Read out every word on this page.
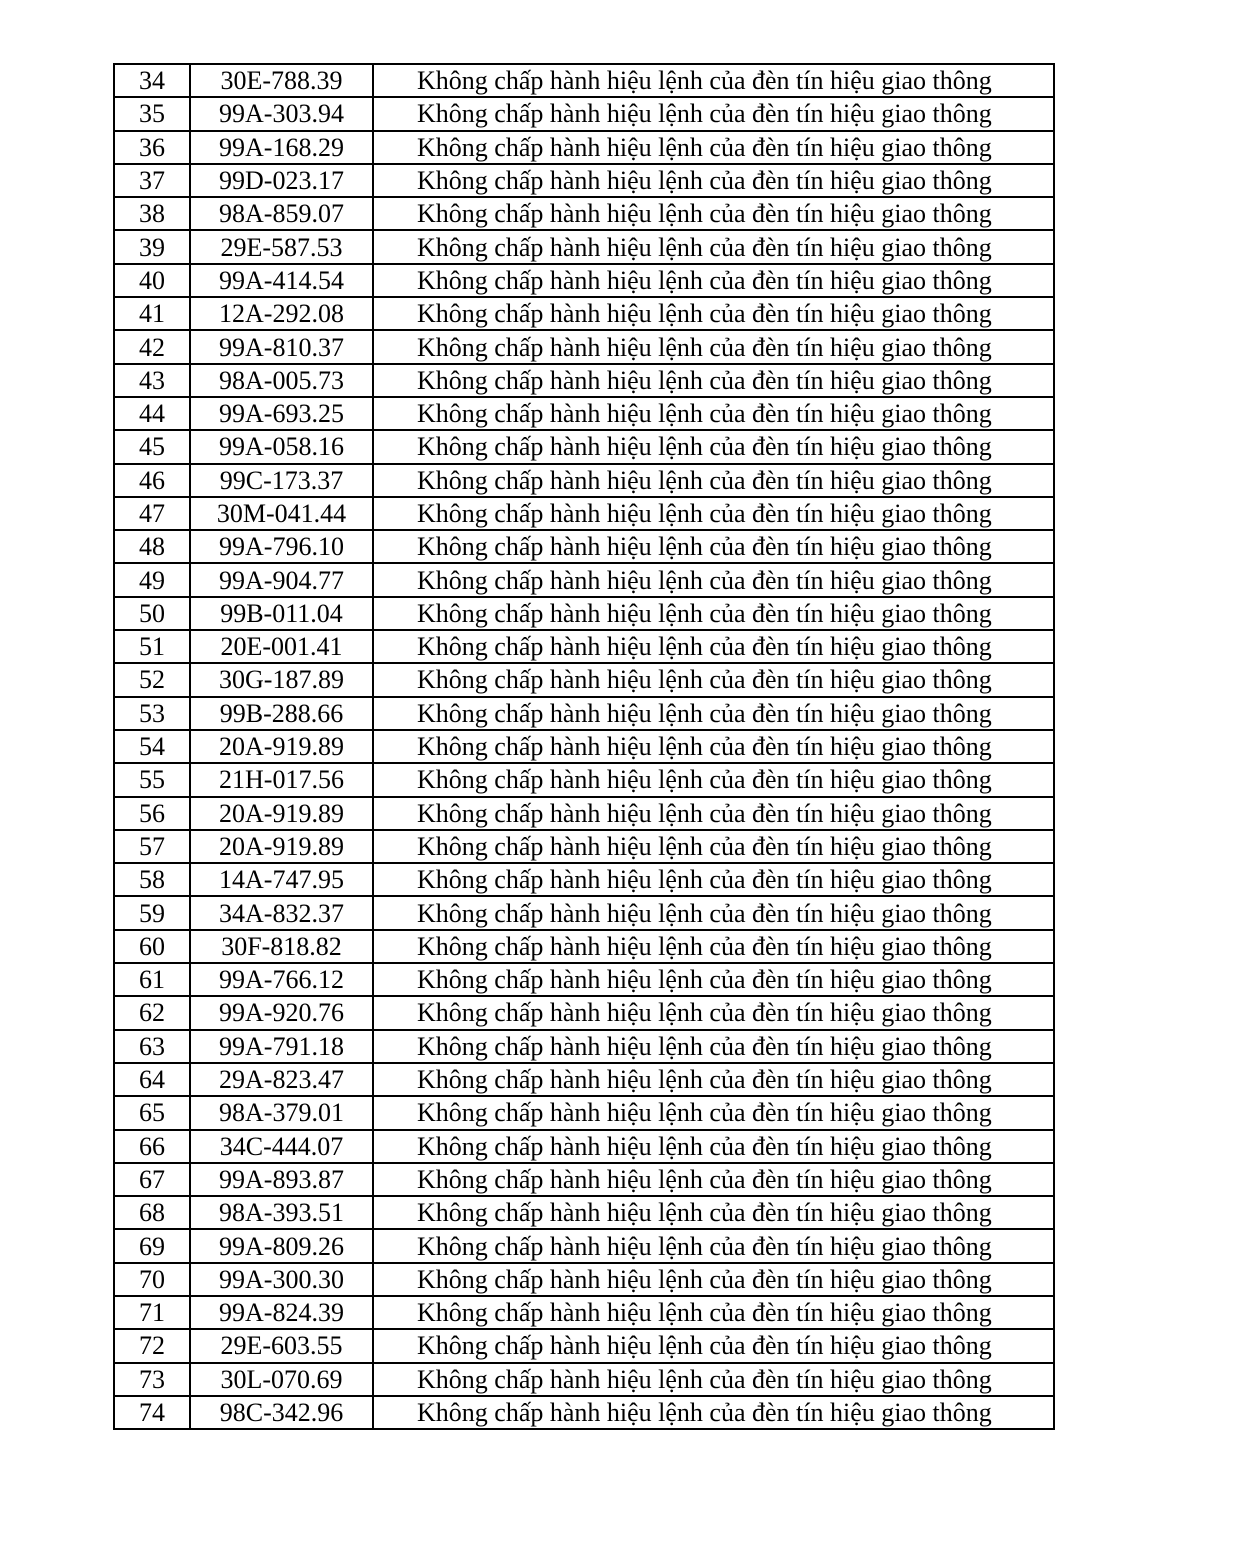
34	30E-788.39	Không chấp hành hiệu lệnh của đèn tín hiệu giao thông
35	99A-303.94	Không chấp hành hiệu lệnh của đèn tín hiệu giao thông
36	99A-168.29	Không chấp hành hiệu lệnh của đèn tín hiệu giao thông
37	99D-023.17	Không chấp hành hiệu lệnh của đèn tín hiệu giao thông
38	98A-859.07	Không chấp hành hiệu lệnh của đèn tín hiệu giao thông
39	29E-587.53	Không chấp hành hiệu lệnh của đèn tín hiệu giao thông
40	99A-414.54	Không chấp hành hiệu lệnh của đèn tín hiệu giao thông
41	12A-292.08	Không chấp hành hiệu lệnh của đèn tín hiệu giao thông
42	99A-810.37	Không chấp hành hiệu lệnh của đèn tín hiệu giao thông
43	98A-005.73	Không chấp hành hiệu lệnh của đèn tín hiệu giao thông
44	99A-693.25	Không chấp hành hiệu lệnh của đèn tín hiệu giao thông
45	99A-058.16	Không chấp hành hiệu lệnh của đèn tín hiệu giao thông
46	99C-173.37	Không chấp hành hiệu lệnh của đèn tín hiệu giao thông
47	30M-041.44	Không chấp hành hiệu lệnh của đèn tín hiệu giao thông
48	99A-796.10	Không chấp hành hiệu lệnh của đèn tín hiệu giao thông
49	99A-904.77	Không chấp hành hiệu lệnh của đèn tín hiệu giao thông
50	99B-011.04	Không chấp hành hiệu lệnh của đèn tín hiệu giao thông
51	20E-001.41	Không chấp hành hiệu lệnh của đèn tín hiệu giao thông
52	30G-187.89	Không chấp hành hiệu lệnh của đèn tín hiệu giao thông
53	99B-288.66	Không chấp hành hiệu lệnh của đèn tín hiệu giao thông
54	20A-919.89	Không chấp hành hiệu lệnh của đèn tín hiệu giao thông
55	21H-017.56	Không chấp hành hiệu lệnh của đèn tín hiệu giao thông
56	20A-919.89	Không chấp hành hiệu lệnh của đèn tín hiệu giao thông
57	20A-919.89	Không chấp hành hiệu lệnh của đèn tín hiệu giao thông
58	14A-747.95	Không chấp hành hiệu lệnh của đèn tín hiệu giao thông
59	34A-832.37	Không chấp hành hiệu lệnh của đèn tín hiệu giao thông
60	30F-818.82	Không chấp hành hiệu lệnh của đèn tín hiệu giao thông
61	99A-766.12	Không chấp hành hiệu lệnh của đèn tín hiệu giao thông
62	99A-920.76	Không chấp hành hiệu lệnh của đèn tín hiệu giao thông
63	99A-791.18	Không chấp hành hiệu lệnh của đèn tín hiệu giao thông
64	29A-823.47	Không chấp hành hiệu lệnh của đèn tín hiệu giao thông
65	98A-379.01	Không chấp hành hiệu lệnh của đèn tín hiệu giao thông
66	34C-444.07	Không chấp hành hiệu lệnh của đèn tín hiệu giao thông
67	99A-893.87	Không chấp hành hiệu lệnh của đèn tín hiệu giao thông
68	98A-393.51	Không chấp hành hiệu lệnh của đèn tín hiệu giao thông
69	99A-809.26	Không chấp hành hiệu lệnh của đèn tín hiệu giao thông
70	99A-300.30	Không chấp hành hiệu lệnh của đèn tín hiệu giao thông
71	99A-824.39	Không chấp hành hiệu lệnh của đèn tín hiệu giao thông
72	29E-603.55	Không chấp hành hiệu lệnh của đèn tín hiệu giao thông
73	30L-070.69	Không chấp hành hiệu lệnh của đèn tín hiệu giao thông
74	98C-342.96	Không chấp hành hiệu lệnh của đèn tín hiệu giao thông
